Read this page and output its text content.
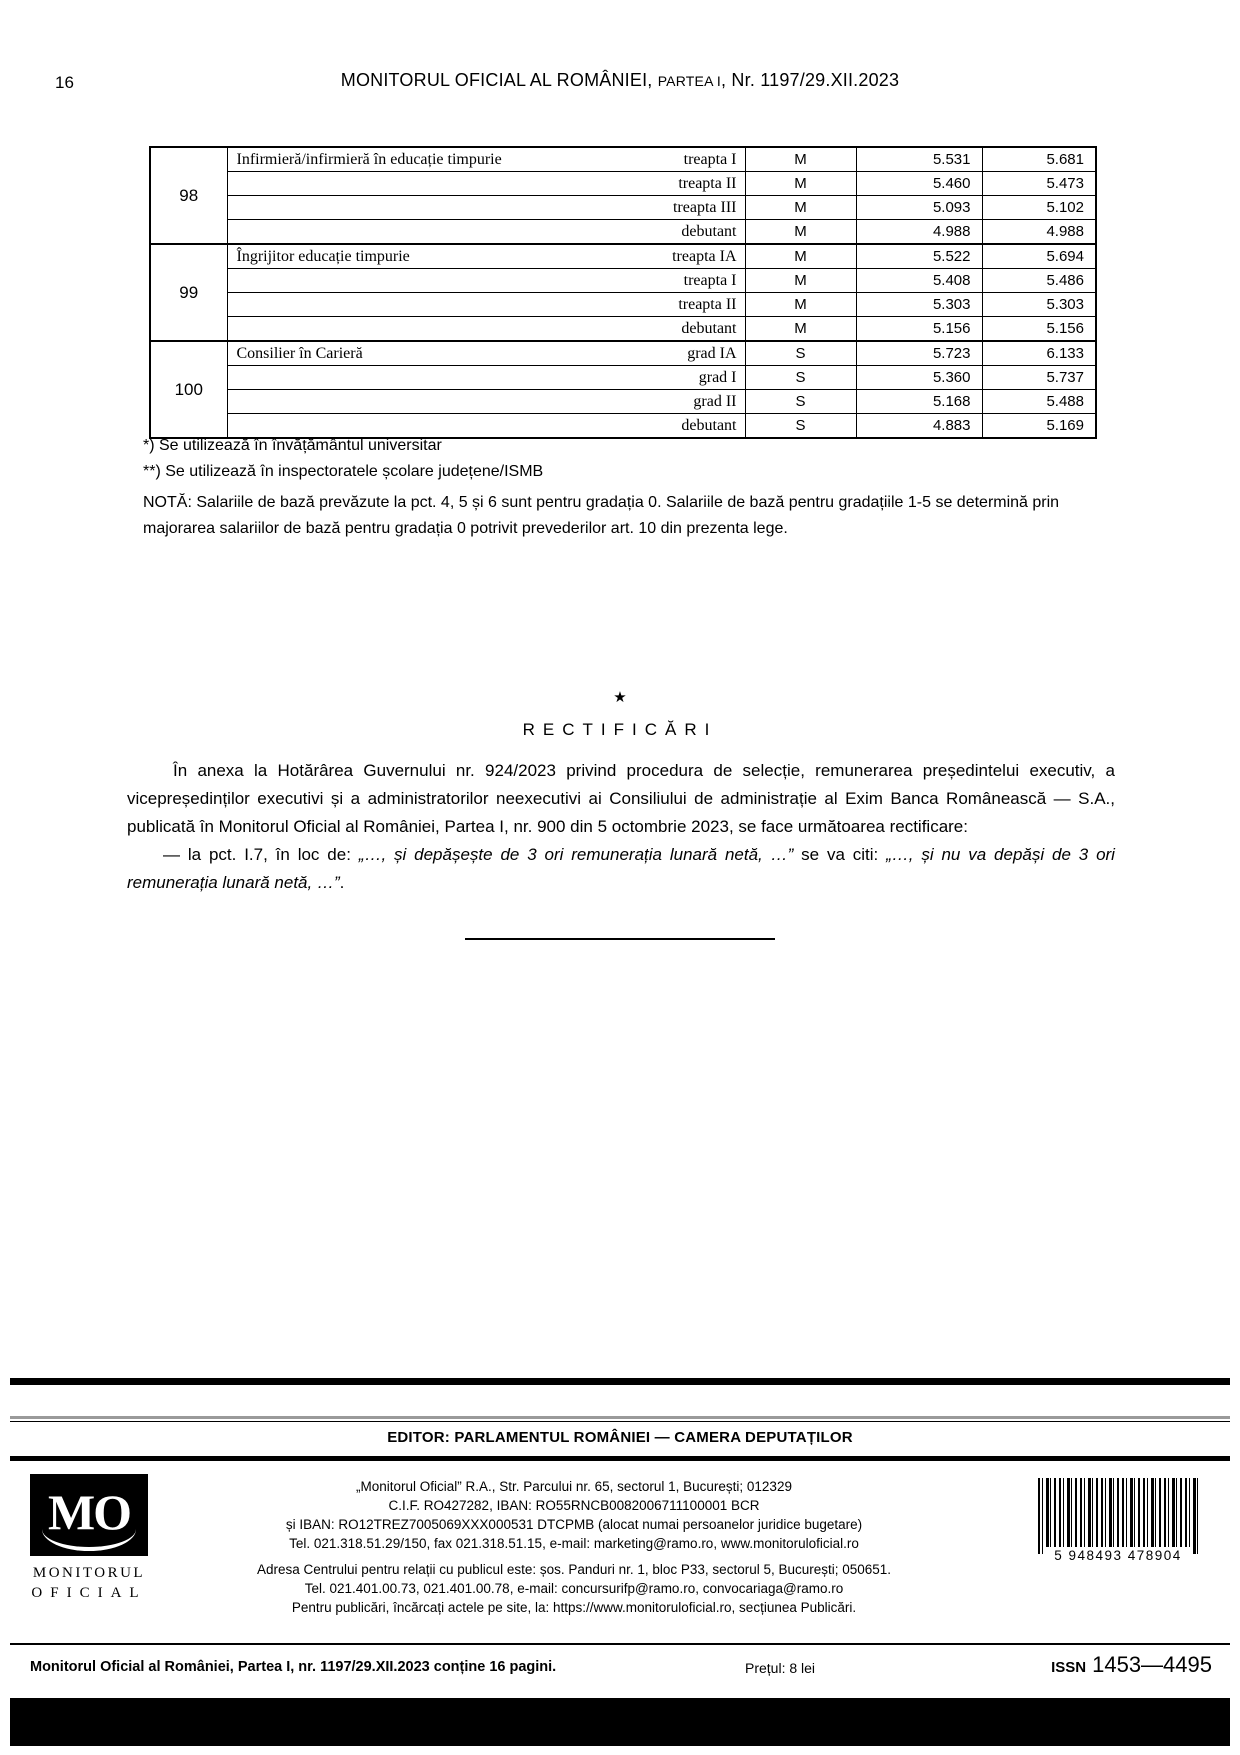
16	MONITORUL OFICIAL AL ROMÂNIEI, PARTEA I, Nr. 1197/29.XII.2023
98	Infirmieră/infirmieră în educație timpurie treapta I	M	5.531	5.681

	treapta II	M	5.460	5.473

	treapta III	M	5.093	5.102

	debutant	M	4.988	4.988
99	Îngrijitor educație timpurie treapta IA	M	5.522	5.694

	treapta I	M	5.408	5.486

	treapta II	M	5.303	5.303

	debutant	M	5.156	5.156
100	Consilier în Carieră grad IA	S	5.723	6.133

	grad I	S	5.360	5.737

	grad II	S	5.168	5.488

	debutant	S	4.883	5.169
*) Se utilizează în învățământul universitar
**) Se utilizează în inspectoratele școlare județene/ISMB
NOTĂ: Salariile de bază prevăzute la pct. 4, 5 și 6 sunt pentru gradația 0. Salariile de bază pentru gradațiile 1-5 se determină prin majorarea salariilor de bază pentru gradația 0 potrivit prevederilor art. 10 din prezenta lege.
★
RECTIFICĂRI

În anexa la Hotărârea Guvernului nr. 924/2023 privind procedura de selecție, remunerarea președintelui executiv, a vicepreședinților executivi și a administratorilor neexecutivi ai Consiliului de administrație al Exim Banca Românească — S.A., publicată în Monitorul Oficial al României, Partea I, nr. 900 din 5 octombrie 2023, se face următoarea rectificare:

— la pct. I.7, în loc de: „…, și depășește de 3 ori remunerația lunară netă, …” se va citi: „…, și nu va depăși de 3 ori remunerația lunară netă, …”.

EDITOR: PARLAMENTUL ROMÂNIEI — CAMERA DEPUTAȚILOR
MO
MONITORUL
OFICIAL
„Monitorul Oficial” R.A., Str. Parcului nr. 65, sectorul 1, București; 012329
C.I.F. RO427282, IBAN: RO55RNCB0082006711100001 BCR
și IBAN: RO12TREZ7005069XXX000531 DTCPMB (alocat numai persoanelor juridice bugetare)
Tel. 021.318.51.29/150, fax 021.318.51.15, e-mail: marketing@ramo.ro, www.monitoruloficial.ro
Adresa Centrului pentru relații cu publicul este: șos. Panduri nr. 1, bloc P33, sectorul 5, București; 050651.
Tel. 021.401.00.73, 021.401.00.78, e-mail: concursurifp@ramo.ro, convocariaga@ramo.ro
Pentru publicări, încărcați actele pe site, la: https://www.monitoruloficial.ro, secțiunea Publicări.
5 948493 478904
Monitorul Oficial al României, Partea I, nr. 1197/29.XII.2023 conține 16 pagini.	Prețul: 8 lei	ISSN 1453—4495
